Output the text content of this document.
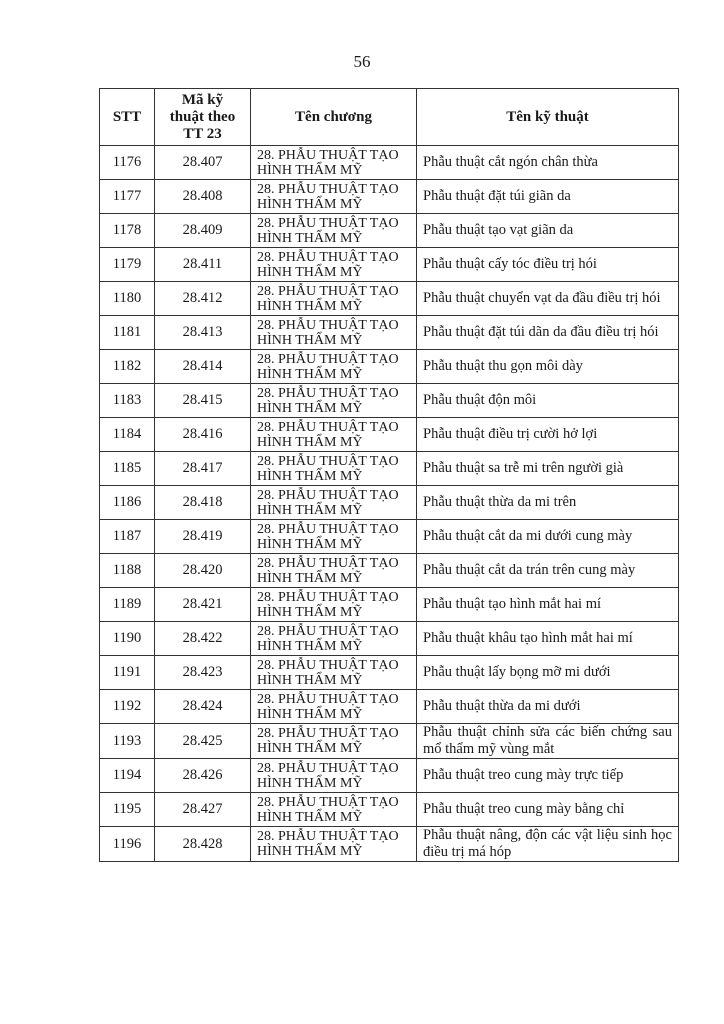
56
STT	Mã kỹ
thuật theo
TT 23	Tên chương	Tên kỹ thuật
1176	28.407	28. PHẪU THUẬT TẠO
HÌNH THẨM MỸ	Phẫu thuật cắt ngón chân thừa
1177	28.408	28. PHẪU THUẬT TẠO
HÌNH THẨM MỸ	Phẫu thuật đặt túi giãn da
1178	28.409	28. PHẪU THUẬT TẠO
HÌNH THẨM MỸ	Phẫu thuật tạo vạt giãn da
1179	28.411	28. PHẪU THUẬT TẠO
HÌNH THẨM MỸ	Phẫu thuật cấy tóc điều trị hói
1180	28.412	28. PHẪU THUẬT TẠO
HÌNH THẨM MỸ	Phẫu thuật chuyển vạt da đầu điều trị hói
1181	28.413	28. PHẪU THUẬT TẠO
HÌNH THẨM MỸ	Phẫu thuật đặt túi dãn da đầu điều trị hói
1182	28.414	28. PHẪU THUẬT TẠO
HÌNH THẨM MỸ	Phẫu thuật thu gọn môi dày
1183	28.415	28. PHẪU THUẬT TẠO
HÌNH THẨM MỸ	Phẫu thuật độn môi
1184	28.416	28. PHẪU THUẬT TẠO
HÌNH THẨM MỸ	Phẫu thuật điều trị cười hở lợi
1185	28.417	28. PHẪU THUẬT TẠO
HÌNH THẨM MỸ	Phẫu thuật sa trễ mi trên người già
1186	28.418	28. PHẪU THUẬT TẠO
HÌNH THẨM MỸ	Phẫu thuật thừa da mi trên
1187	28.419	28. PHẪU THUẬT TẠO
HÌNH THẨM MỸ	Phẫu thuật cắt da mi dưới cung mày
1188	28.420	28. PHẪU THUẬT TẠO
HÌNH THẨM MỸ	Phẫu thuật cắt da trán trên cung mày
1189	28.421	28. PHẪU THUẬT TẠO
HÌNH THẨM MỸ	Phẫu thuật tạo hình mắt hai mí
1190	28.422	28. PHẪU THUẬT TẠO
HÌNH THẨM MỸ	Phẫu thuật khâu tạo hình mắt hai mí
1191	28.423	28. PHẪU THUẬT TẠO
HÌNH THẨM MỸ	Phẫu thuật lấy bọng mỡ mi dưới
1192	28.424	28. PHẪU THUẬT TẠO
HÌNH THẨM MỸ	Phẫu thuật thừa da mi dưới
1193	28.425	28. PHẪU THUẬT TẠO
HÌNH THẨM MỸ	Phẫu thuật chỉnh sửa các biến chứng sau mổ thẩm mỹ vùng mắt
1194	28.426	28. PHẪU THUẬT TẠO
HÌNH THẨM MỸ	Phẫu thuật treo cung mày trực tiếp
1195	28.427	28. PHẪU THUẬT TẠO
HÌNH THẨM MỸ	Phẫu thuật treo cung mày bằng chỉ
1196	28.428	28. PHẪU THUẬT TẠO
HÌNH THẨM MỸ	Phẫu thuật nâng, độn các vật liệu sinh học điều trị má hóp
